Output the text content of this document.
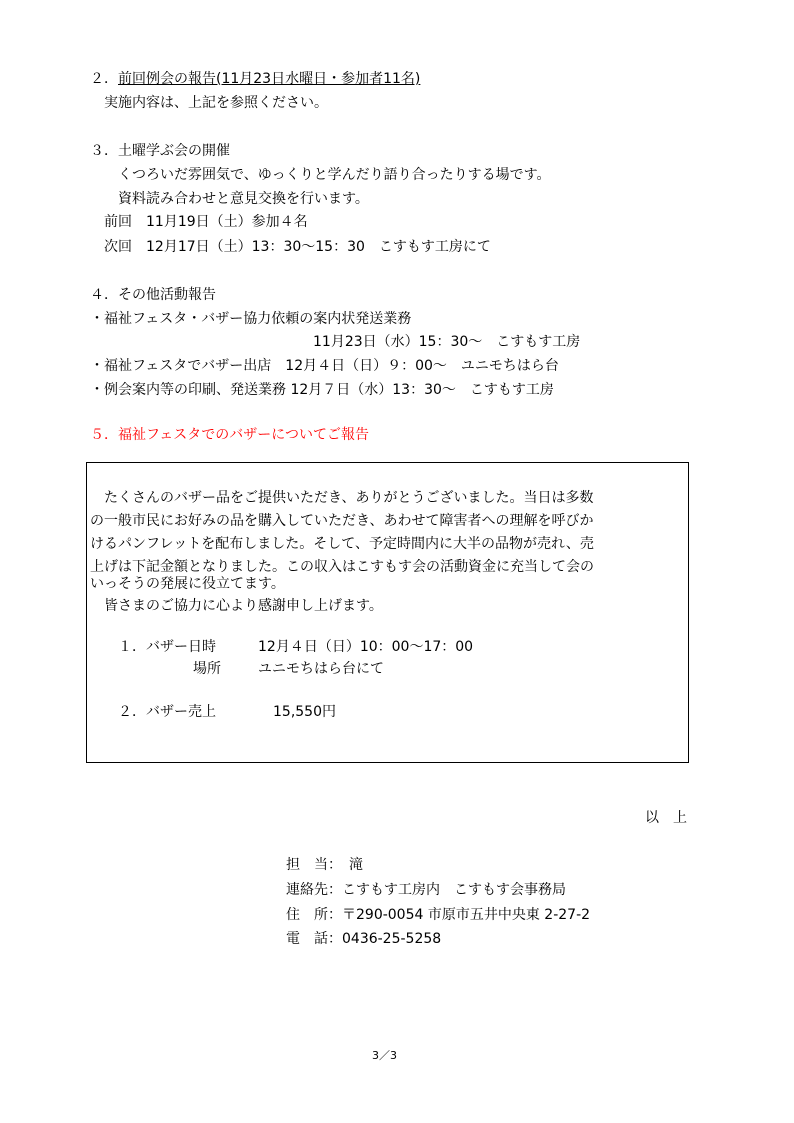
２．前回例会の報告(11月23日水曜日・参加者11名)
実施内容は、上記を参照ください。
３．土曜学ぶ会の開催
くつろいだ雰囲気で、ゆっくりと学んだり語り合ったりする場です。
資料読み合わせと意見交換を行います。
前回　11月19日（土）参加４名
次回　12月17日（土）13：30〜15：30　こすもす工房にて
４．その他活動報告
・福祉フェスタ・バザー協力依頼の案内状発送業務
11月23日（水）15：30〜　こすもす工房
・福祉フェスタでバザー出店　12月４日（日）９：00〜　ユニモちはら台
・例会案内等の印刷、発送業務 12月７日（水）13：30〜　こすもす工房
５．福祉フェスタでのバザーについてご報告
たくさんのバザー品をご提供いただき、ありがとうございました。当日は多数
の一般市民にお好みの品を購入していただき、あわせて障害者への理解を呼びか
けるパンフレットを配布しました。そして、予定時間内に大半の品物が売れ、売
上げは下記金額となりました。この収入はこすもす会の活動資金に充当して会の
いっそうの発展に役立てます。
皆さまのご協力に心より感謝申し上げます。
１．バザー日時	12月４日（日）10：00〜17：00
場所	ユニモちはら台にて
２．バザー売上	15,550円
以　上
担　当：　滝
連絡先：こすもす工房内　こすもす会事務局
住　所：〒290-0054 市原市五井中央東 2-27-2
電　話：0436-25-5258
3／3
